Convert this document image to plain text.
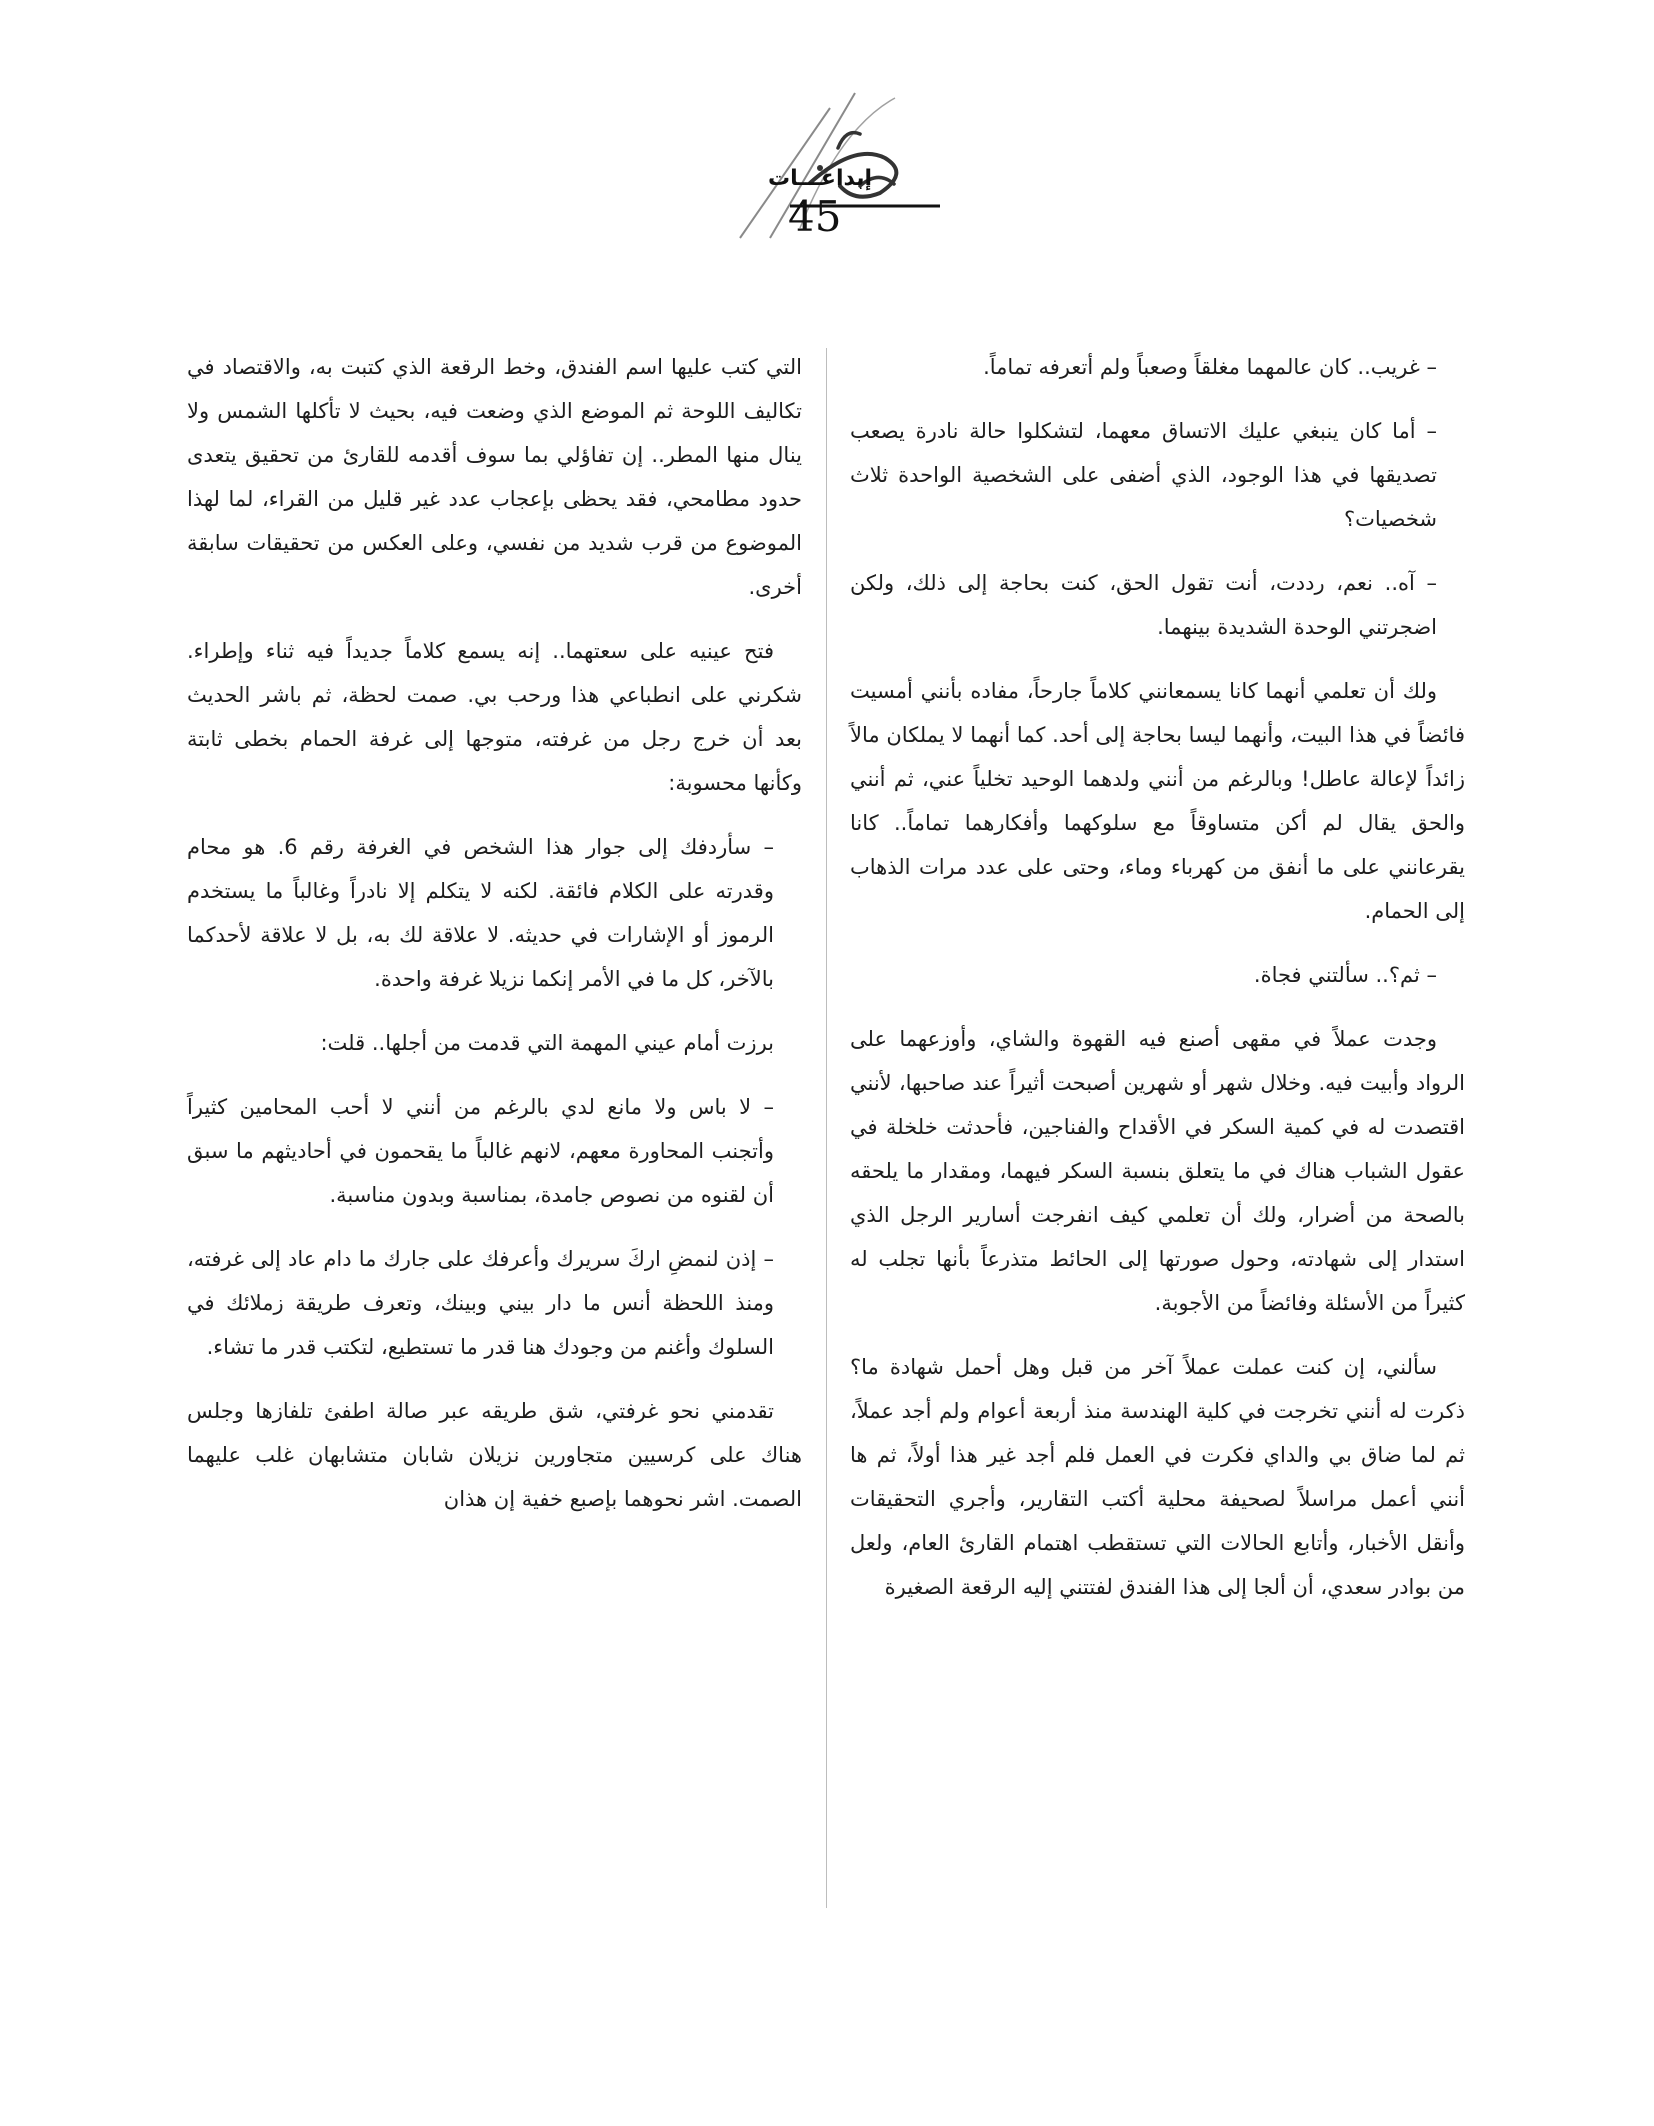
إبداعـــات
45

– غريب.. كان عالمهما مغلقاً وصعباً ولم أتعرفه تماماً.

– أما كان ينبغي عليك الاتساق معهما، لتشكلوا حالة نادرة يصعب تصديقها في هذا الوجود، الذي أضفى على الشخصية الواحدة ثلاث شخصيات؟

– آه.. نعم، رددت، أنت تقول الحق، كنت بحاجة إلى ذلك، ولكن اضجرتني الوحدة الشديدة بينهما.

ولك أن تعلمي أنهما كانا يسمعانني كلاماً جارحاً، مفاده بأنني أمسيت فائضاً في هذا البيت، وأنهما ليسا بحاجة إلى أحد. كما أنهما لا يملكان مالاً زائداً لإعالة عاطل! وبالرغم من أنني ولدهما الوحيد تخلياً عني، ثم أنني والحق يقال لم أكن متساوقاً مع سلوكهما وأفكارهما تماماً.. كانا يقرعانني على ما أنفق من كهرباء وماء، وحتى على عدد مرات الذهاب إلى الحمام.

– ثم؟.. سألتني فجاة.

وجدت عملاً في مقهى أصنع فيه القهوة والشاي، وأوزعهما على الرواد وأبيت فيه. وخلال شهر أو شهرين أصبحت أثيراً عند صاحبها، لأنني اقتصدت له في كمية السكر في الأقداح والفناجين، فأحدثت خلخلة في عقول الشباب هناك في ما يتعلق بنسبة السكر فيهما، ومقدار ما يلحقه بالصحة من أضرار، ولك أن تعلمي كيف انفرجت أسارير الرجل الذي استدار إلى شهادته، وحول صورتها إلى الحائط متذرعاً بأنها تجلب له كثيراً من الأسئلة وفائضاً من الأجوبة.

سألني، إن كنت عملت عملاً آخر من قبل وهل أحمل شهادة ما؟ ذكرت له أنني تخرجت في كلية الهندسة منذ أربعة أعوام ولم أجد عملاً، ثم لما ضاق بي والداي فكرت في العمل فلم أجد غير هذا أولاً، ثم ها أنني أعمل مراسلاً لصحيفة محلية أكتب التقارير، وأجري التحقيقات وأنقل الأخبار، وأتابع الحالات التي تستقطب اهتمام القارئ العام، ولعل من بوادر سعدي، أن ألجا إلى هذا الفندق لفتتني إليه الرقعة الصغيرة

التي كتب عليها اسم الفندق، وخط الرقعة الذي كتبت به، والاقتصاد في تكاليف اللوحة ثم الموضع الذي وضعت فيه، بحيث لا تأكلها الشمس ولا ينال منها المطر.. إن تفاؤلي بما سوف أقدمه للقارئ من تحقيق يتعدى حدود مطامحي، فقد يحظى بإعجاب عدد غير قليل من القراء، لما لهذا الموضوع من قرب شديد من نفسي، وعلى العكس من تحقيقات سابقة أخرى.

فتح عينيه على سعتهما.. إنه يسمع كلاماً جديداً فيه ثناء وإطراء. شكرني على انطباعي هذا ورحب بي. صمت لحظة، ثم باشر الحديث بعد أن خرج رجل من غرفته، متوجها إلى غرفة الحمام بخطى ثابتة وكأنها محسوبة:

– سأردفك إلى جوار هذا الشخص في الغرفة رقم 6. هو محام وقدرته على الكلام فائقة. لكنه لا يتكلم إلا نادراً وغالباً ما يستخدم الرموز أو الإشارات في حديثه. لا علاقة لك به، بل لا علاقة لأحدكما بالآخر، كل ما في الأمر إنكما نزيلا غرفة واحدة.

برزت أمام عيني المهمة التي قدمت من أجلها.. قلت:

– لا باس ولا مانع لدي بالرغم من أنني لا أحب المحامين كثيراً وأتجنب المحاورة معهم، لانهم غالباً ما يقحمون في أحاديثهم ما سبق أن لقنوه من نصوص جامدة، بمناسبة وبدون مناسبة.

– إذن لنمضِ اركَ سريرك وأعرفك على جارك ما دام عاد إلى غرفته، ومنذ اللحظة أنس ما دار بيني وبينك، وتعرف طريقة زملائك في السلوك وأغنم من وجودك هنا قدر ما تستطيع، لتكتب قدر ما تشاء.

تقدمني نحو غرفتي، شق طريقه عبر صالة اطفئ تلفازها وجلس هناك على كرسيين متجاورين نزيلان شابان متشابهان غلب عليهما الصمت. اشر نحوهما بإصبع خفية إن هذان
